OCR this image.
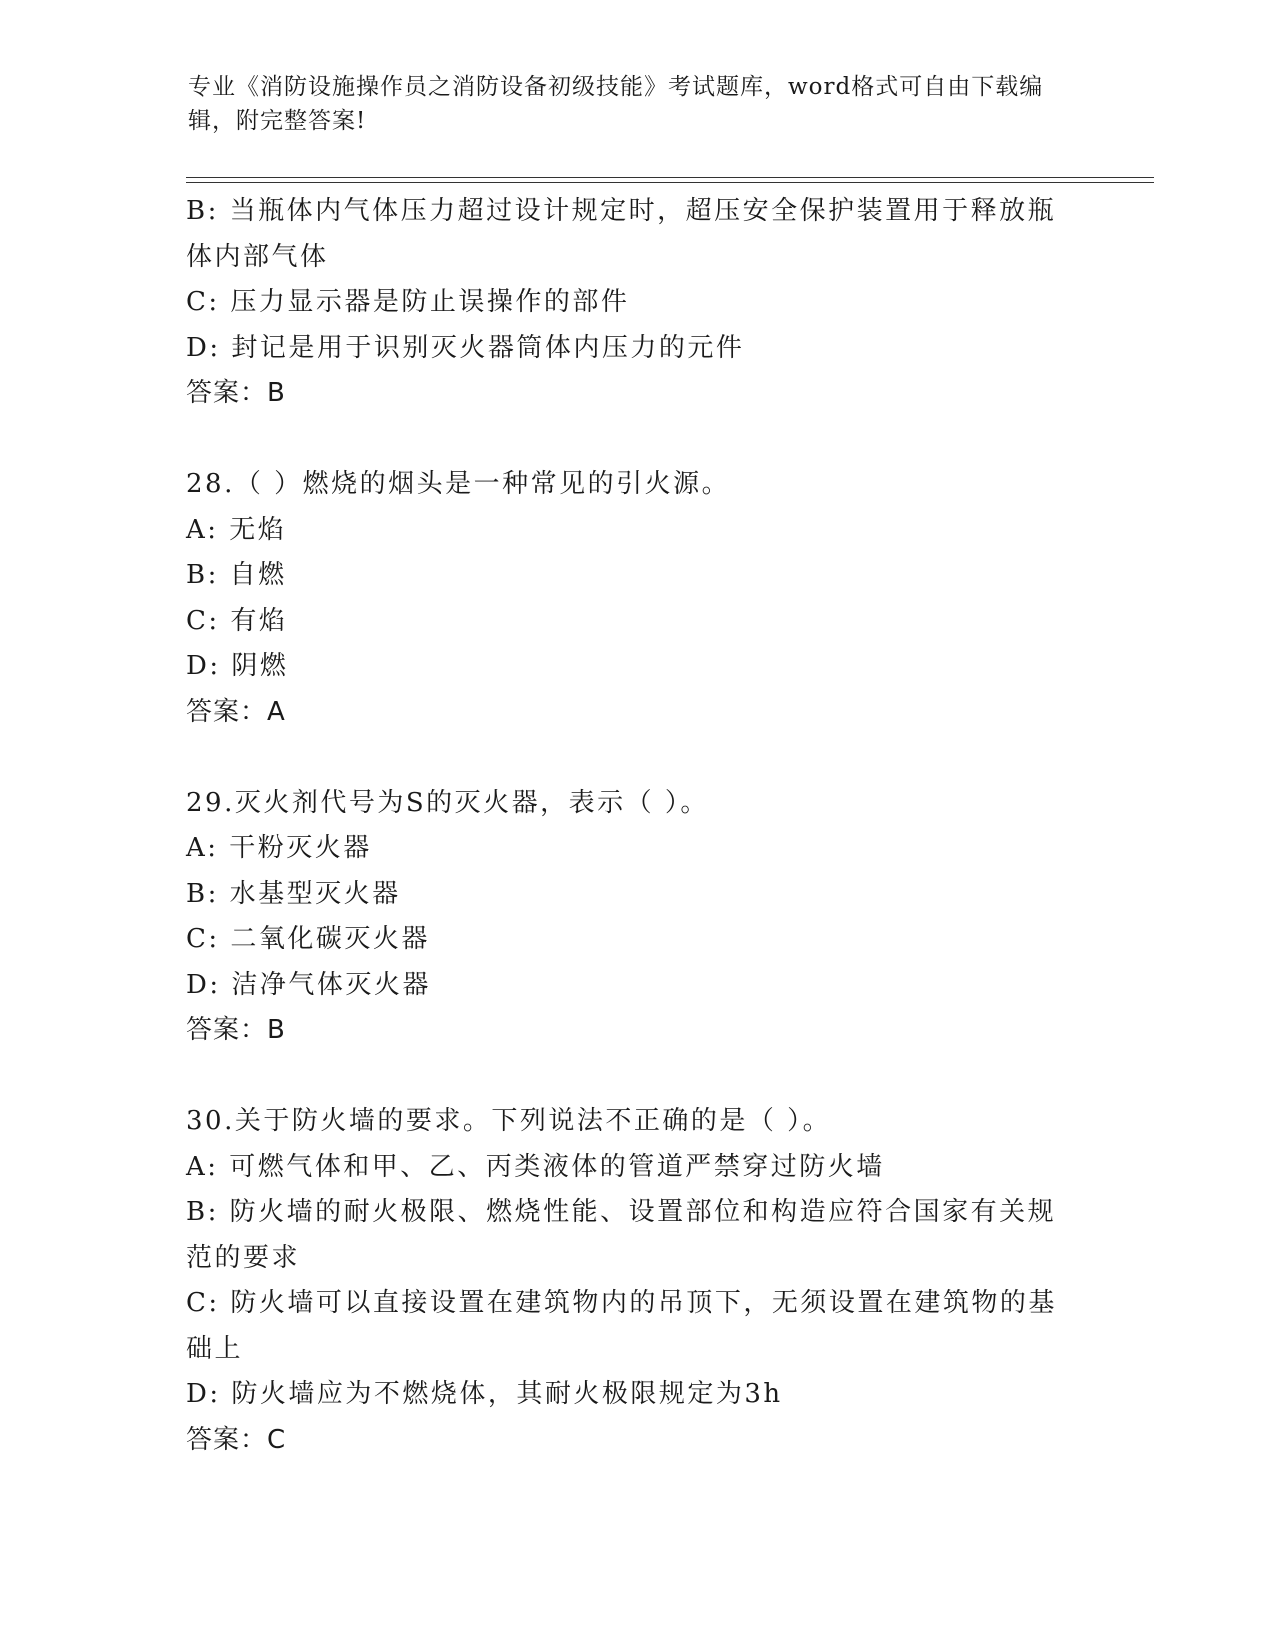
专业《消防设施操作员之消防设备初级技能》考试题库，word格式可自由下载编
辑，附完整答案!
B: 当瓶体内气体压力超过设计规定时，超压安全保护装置用于释放瓶
体内部气体
C: 压力显示器是防止误操作的部件
D: 封记是用于识别灭火器筒体内压力的元件
答案：B
28.（ ）燃烧的烟头是一种常见的引火源。
A: 无焰
B: 自燃
C: 有焰
D: 阴燃
答案：A
29.灭火剂代号为S的灭火器，表示（ ）。
A: 干粉灭火器
B: 水基型灭火器
C: 二氧化碳灭火器
D: 洁净气体灭火器
答案：B
30.关于防火墙的要求。下列说法不正确的是（ ）。
A: 可燃气体和甲、乙、丙类液体的管道严禁穿过防火墙
B: 防火墙的耐火极限、燃烧性能、设置部位和构造应符合国家有关规
范的要求
C: 防火墙可以直接设置在建筑物内的吊顶下，无须设置在建筑物的基
础上
D: 防火墙应为不燃烧体，其耐火极限规定为3h
答案：C
